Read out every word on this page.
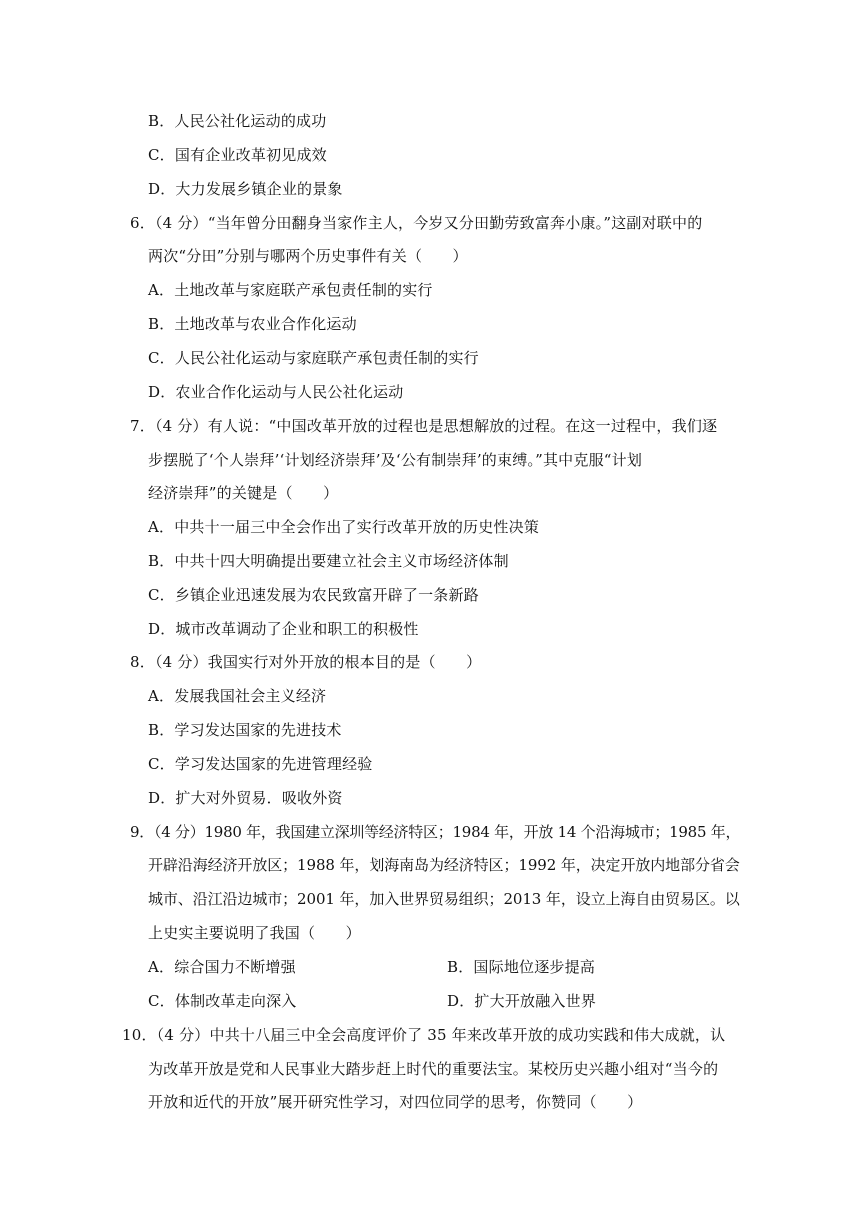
B．人民公社化运动的成功
C．国有企业改革初见成效
D．大力发展乡镇企业的景象
6．（4 分）“当年曾分田翻身当家作主人，今岁又分田勤劳致富奔小康。”这副对联中的
两次“分田”分别与哪两个历史事件有关（　　）
A．土地改革与家庭联产承包责任制的实行
B．土地改革与农业合作化运动
C．人民公社化运动与家庭联产承包责任制的实行
D．农业合作化运动与人民公社化运动
7．（4 分）有人说：“中国改革开放的过程也是思想解放的过程。在这一过程中，我们逐
步摆脱了‘个人崇拜’‘计划经济崇拜’及‘公有制崇拜’的束缚。”其中克服“计划
经济崇拜”的关键是（　　）
A．中共十一届三中全会作出了实行改革开放的历史性决策
B．中共十四大明确提出要建立社会主义市场经济体制
C．乡镇企业迅速发展为农民致富开辟了一条新路
D．城市改革调动了企业和职工的积极性
8．（4 分）我国实行对外开放的根本目的是（　　）
A．发展我国社会主义经济
B．学习发达国家的先进技术
C．学习发达国家的先进管理经验
D．扩大对外贸易．吸收外资
9．（4 分）1980 年，我国建立深圳等经济特区；1984 年，开放 14 个沿海城市；1985 年，
开辟沿海经济开放区；1988 年，划海南岛为经济特区；1992 年，决定开放内地部分省会
城市、沿江沿边城市；2001 年，加入世界贸易组织；2013 年，设立上海自由贸易区。以
上史实主要说明了我国（　　）
A．综合国力不断增强	B．国际地位逐步提高
C．体制改革走向深入	D．扩大开放融入世界
10．（4 分）中共十八届三中全会高度评价了 35 年来改革开放的成功实践和伟大成就，认
为改革开放是党和人民事业大踏步赶上时代的重要法宝。某校历史兴趣小组对“当今的
开放和近代的开放”展开研究性学习，对四位同学的思考，你赞同（　　）
